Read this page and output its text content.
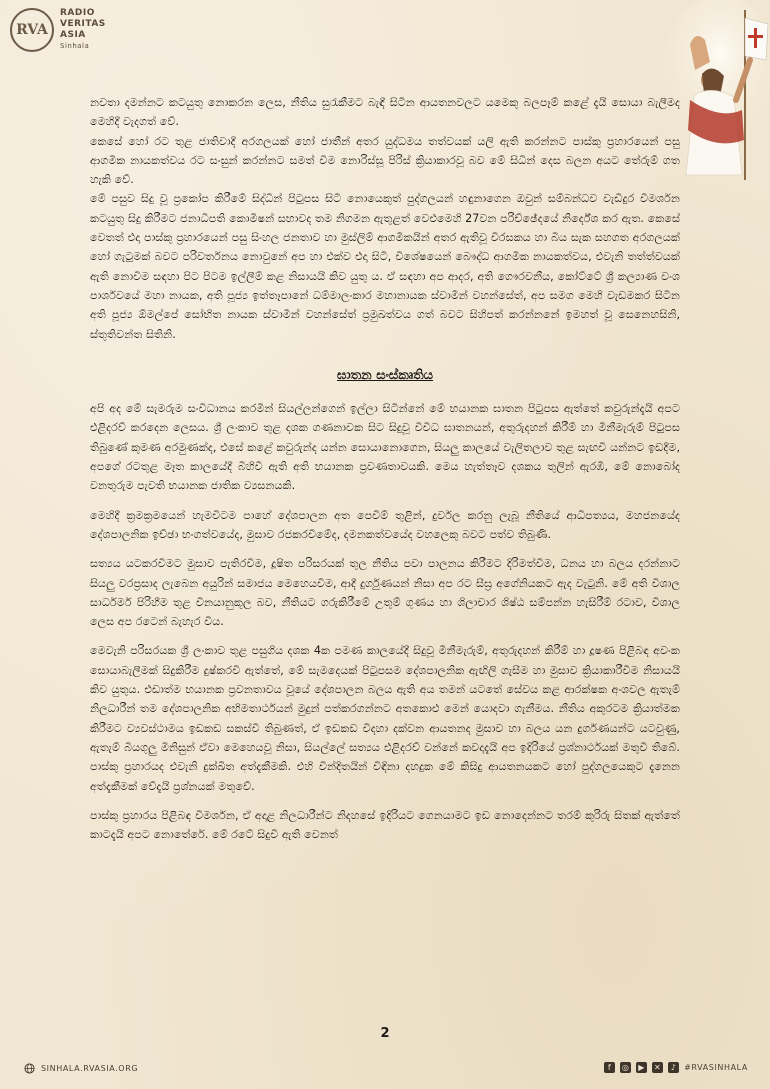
RVA
RADIO
VERITAS
ASIA
Sinhala

නවතා දමන්නට කටයුතු නොකරන ලෙස, නීතිය සුරැකීමට බැඳී සිටින ආයතනවලට යමෙකු බලපෑම් කළේ දැයි සොයා බැලීමද මෙහිදී වැදගත් වේ.

කෙසේ හෝ රට තුළ ජාතිවාදී අරගලයක් හෝ ජාතීන් අතර යුද්ධමය තත්වයක් යලි ඇති කරන්නට පාස්කු ප්‍රහාරයෙන් පසු ආගමික නායකත්වය රට සංසුන් කරන්නට සමත් වීම නොරිස්සූ පිරිස් ක්‍රියාකාරවූ බව මේ සිධීන් දෙස බලන අයට තේරුම් ගත හැකි වේ.

මේ පසුව සිදු වූ ප්‍රකෝප කිරීමේ සිද්ධීන් පිටුපස සිටි නොයෙකුත් පුද්ගලයන් හඳුනාගෙන ඔවුන් සම්බන්ධව වැඩිදුර විමර්ශන කටයුතු සිදු කිරීමට ජනාධිපති කොමිෂන් සභාවද තම නිගමන ඇතුළත් වෙළුමෙහි 27වන පරිච්ඡේදයේ නිර්දේශ කර ඇත. කෙසේ වෙතත් එදා පාස්කු ප්‍රහාරයෙන් පසු සිංහල ජනතාව හා මුස්ලිම් ආගමිකයින් අතර ඇතිවූ විරසකය හා බිය සැක සහගත අරගලයක් හෝ ගැටුමක් බවට පරිවර්තනය නොවුනේ අප හා එක්ව එදා සිටි, විශේෂයෙන් බෞද්ධ ආගමික නායකත්වය, එවැනි තත්ත්වයක් ඇති නොවීම සඳහා පිට පිටම ඉල්ලීම් කළ නිසායයි කිව යුතු ය. ඒ සඳහා අප ආදර, අති ගෞරවනීය, කෝට්ටේ ශ්‍රී කල්‍යාණ වංශ පාර්ශවයේ මහා නායක, අති පූජ්‍ය ඉත්තෑපානේ ධම්මාලංකාර මහානායක ස්වාමීන් වහන්සේත්, අප සමග මෙහි වැඩමකර සිටින අති පූජ්‍ය ඕමල්පේ සෝභිත නායක ස්වාමීන් වහන්සේත් ප්‍රමුඛත්වය ගත් බවට සිහිපත් කරන්නනේ ඉමහත් වූ සෙනෙහසිනි, ස්තුතිවන්ත සිතිනි.

ඝාතන සංස්කෘතිය

අපි අද මේ සැමරුම සංවිධානය කරමින් සියල්ලන්ගෙන් ඉල්ලා සිටින්නේ මේ භයානක ඝාතන පිටුපස ඇත්තේ කවුරුන්දැයි අපට එළිදරව් කරදෙන ලෙසය. ශ්‍රී ලංකාව තුළ දශක ගණනාවක සිට සිදුවූ විවිධ ඝාතනයන්, අතුරුදහන් කිරීම් හා මිනීමැරුම් පිටුපස තිබුණේ කුමණ අරමුණක්ද, එසේ කළේ කවුරුන්ද යන්න සොයානොගෙන, සියලු කාලයේ වැලිතලාව තුළ සැඟවී යන්නට ඉඩදීම, අපගේ රටතුළ මෑත කාලයේදී බිහිවී ඇති අති භයානක ප්‍රවණතාවයකි. මෙය හැත්තෑව දශකය තුලින් ඇරඹී, මේ නොබෝද වනතුරුම පැවති භයානක ජාතික ව්‍යසනයකි.

මෙහිදී ක්‍රමක්‍රමයෙන් හැමවිටම පාහේ දේශපාලන අත පෙවීම් තුළින්, දුර්වල කරනු ලැබූ නීතියේ ආධිපත්‍යය, මහජනයේද දේශපාලනික ඉච්ඡා භංගත්වයේද, මුසාව රජකරවීමේද, දමනකත්වයේද වහලෙකු බවට පත්ව තිබුණි.

සත්‍යය යටකරවීමට මුසාව පැතිරවීම, දූෂිත පරිසරයක් තුල නීතිය පවා පාලනය කිරීමට දිරිමත්වීම, ධනය හා බලය දරන්නාට සියලු වරප්‍රසාද ලැබෙන අයුරින් සමාජය මෙහෙයවීම, ආදී දුර්ගුණයන් නිසා අප රට සීඝ්‍ර අගේනියකට ඇද වැටුනි. මේ අති විශාල සාර්ධර්ම පිරිහීම තුළ විනයානුකූල බව, නීතියට ගරුකිරීමේ උතුම් ගුණය හා ශිලාචාර ශිෂ්ඨ සම්පන්න හැසිරීම් රටාව, විශාල ලෙස අප රටෙන් බැහැර විය.

මෙවැනි පරිසරයක ශ්‍රී ලංකාව තුළ පසුගිය දශක 4ක පමණ කාලයේදී සිදුවූ මිනීමැරුම්, අතුරුදහන් කිරීම් හා දූෂණ පිළිබඳ අවංක සොයාබැලීමක් සිදුකිරීම දුෂ්කරවී ඇත්තේ, මේ සැමදෙයක් පිටුපසම දේශපාලනික ඇඟිලි ගැසීම හා මුසාව ක්‍රියාකාරීවීම නිසායයි කිව යුතුය. එඩාත්ම භයානක ප්‍රවනතාවය වූයේ දේශපාලන බලය ඇති අය තමන් යටතේ සේවය කළ ආරක්ෂක අංශවල ඇතැම් නිලධාරීන් තම දේශපාලනික අභිමතාර්ථයන් මුදුන් පත්කරගන්නට අතකොළු මෙන් යොදවා ගැනීමය. නීතිය අකුරටම ක්‍රියාත්මක කිරීමට ව්‍යවස්ථාමය ඉඩකඩ සකස්වී තිබුණත්, ඒ ඉඩකඩ විදහා දක්වන ආයතනද මුසාව හා බලය යන දුර්ගණයන්ට යටවුණු, ඇතැම් බියගුලු මිනිසුන් ඒවා මෙහෙයවූ නිසා, සියල්ලේ සත්‍යය එළිදරව් වන්නේ කවදාදැයි අප ඉදිරියේ ප්‍රශ්නාර්ථයක් මතුවී තිබේ. පාස්කු ප්‍රහාරයද එවැනි දුක්ඛිත අත්දැකීමකි. එහි වින්දිතයින් විඳිනා දහදුක මේ කිසිදු ආයතනයකට හෝ පුද්ගලයෙකුට දැනෙන අත්දැකීමක් වේදැයි ප්‍රශ්නයක් මතුවේ.

පාස්කු ප්‍රහාරය පිළිබඳ විමර්ශන, ඒ අදාළ නිලධාරීන්ට නිදහසේ ඉදිරියට ගෙනයාමට ඉඩ නොදෙන්නට තරම් කුරිරු සිතක් ඇත්තේ කාටදැයි අපට නොතේරේ. මේ රටේ සිදුවී ඇති වෙනත්

2
SINHALA.RVASIA.ORG	f	◎ ▶ ✕	♪ #RVASINHALA
